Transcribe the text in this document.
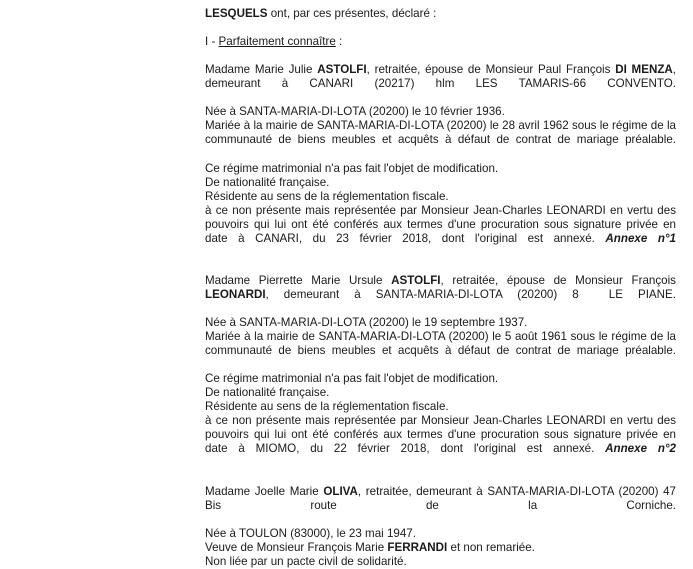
LESQUELS ont, par ces présentes, déclaré :

I - Parfaitement connaître :

Madame Marie Julie ASTOLFI, retraitée, épouse de Monsieur Paul François DI MENZA, demeurant à CANARI (20217) hlm LES TAMARIS-66 CONVENTO.

Née à SANTA-MARIA-DI-LOTA (20200) le 10 février 1936.

Mariée à la mairie de SANTA-MARIA-DI-LOTA (20200) le 28 avril 1962 sous le régime de la communauté de biens meubles et acquêts à défaut de contrat de mariage préalable.

Ce régime matrimonial n'a pas fait l'objet de modification.

De nationalité française.

Résidente au sens de la réglementation fiscale.

à ce non présente mais représentée par Monsieur Jean-Charles LEONARDI en vertu des pouvoirs qui lui ont été conférés aux termes d'une procuration sous signature privée en date à CANARI, du 23 février 2018, dont l'original est annexé. Annexe n°1

Madame Pierrette Marie Ursule ASTOLFI, retraitée, épouse de Monsieur François LEONARDI, demeurant à SANTA-MARIA-DI-LOTA (20200) 8  LE PIANE.

Née à SANTA-MARIA-DI-LOTA (20200) le 19 septembre 1937.

Mariée à la mairie de SANTA-MARIA-DI-LOTA (20200) le 5 août 1961 sous le régime de la communauté de biens meubles et acquêts à défaut de contrat de mariage préalable.

Ce régime matrimonial n'a pas fait l'objet de modification.

De nationalité française.

Résidente au sens de la réglementation fiscale.

à ce non présente mais représentée par Monsieur Jean-Charles LEONARDI en vertu des pouvoirs qui lui ont été conférés aux termes d'une procuration sous signature privée en date à MIOMO, du 22 février 2018, dont l'original est annexé. Annexe n°2

Madame Joelle Marie OLIVA, retraitée, demeurant à SANTA-MARIA-DI-LOTA (20200) 47 Bis route de la Corniche.

Née à TOULON (83000), le 23 mai 1947.

Veuve de Monsieur François Marie FERRANDI et non remariée.

Non liée par un pacte civil de solidarité.
